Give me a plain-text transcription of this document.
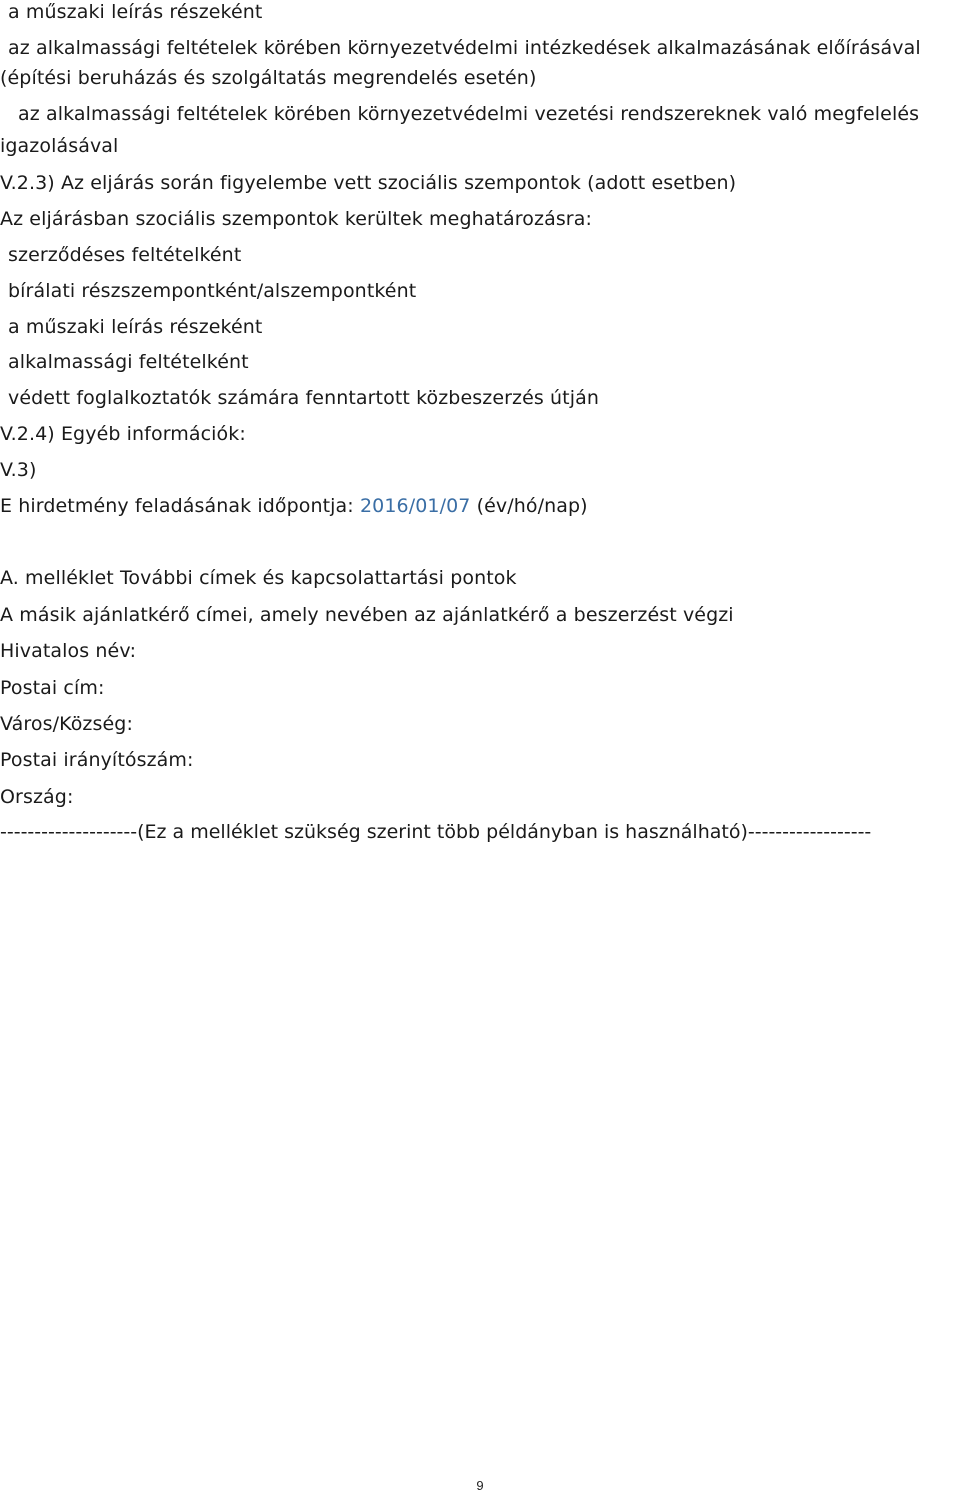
a műszaki leírás részeként
az alkalmassági feltételek körében környezetvédelmi intézkedések alkalmazásának előírásával
(építési beruházás és szolgáltatás megrendelés esetén)
az alkalmassági feltételek körében környezetvédelmi vezetési rendszereknek való megfelelés
igazolásával
V.2.3) Az eljárás során figyelembe vett szociális szempontok (adott esetben)
Az eljárásban szociális szempontok kerültek meghatározásra:
szerződéses feltételként
bírálati részszempontként/alszempontként
a műszaki leírás részeként
alkalmassági feltételként
védett foglalkoztatók számára fenntartott közbeszerzés útján
V.2.4) Egyéb információk:
V.3)
E hirdetmény feladásának időpontja: 2016/01/07 (év/hó/nap)
A. melléklet További címek és kapcsolattartási pontok
A másik ajánlatkérő címei, amely nevében az ajánlatkérő a beszerzést végzi
Hivatalos név:
Postai cím:
Város/Község:
Postai irányítószám:
Ország:
--------------------(Ez a melléklet szükség szerint több példányban is használható)------------------
9
